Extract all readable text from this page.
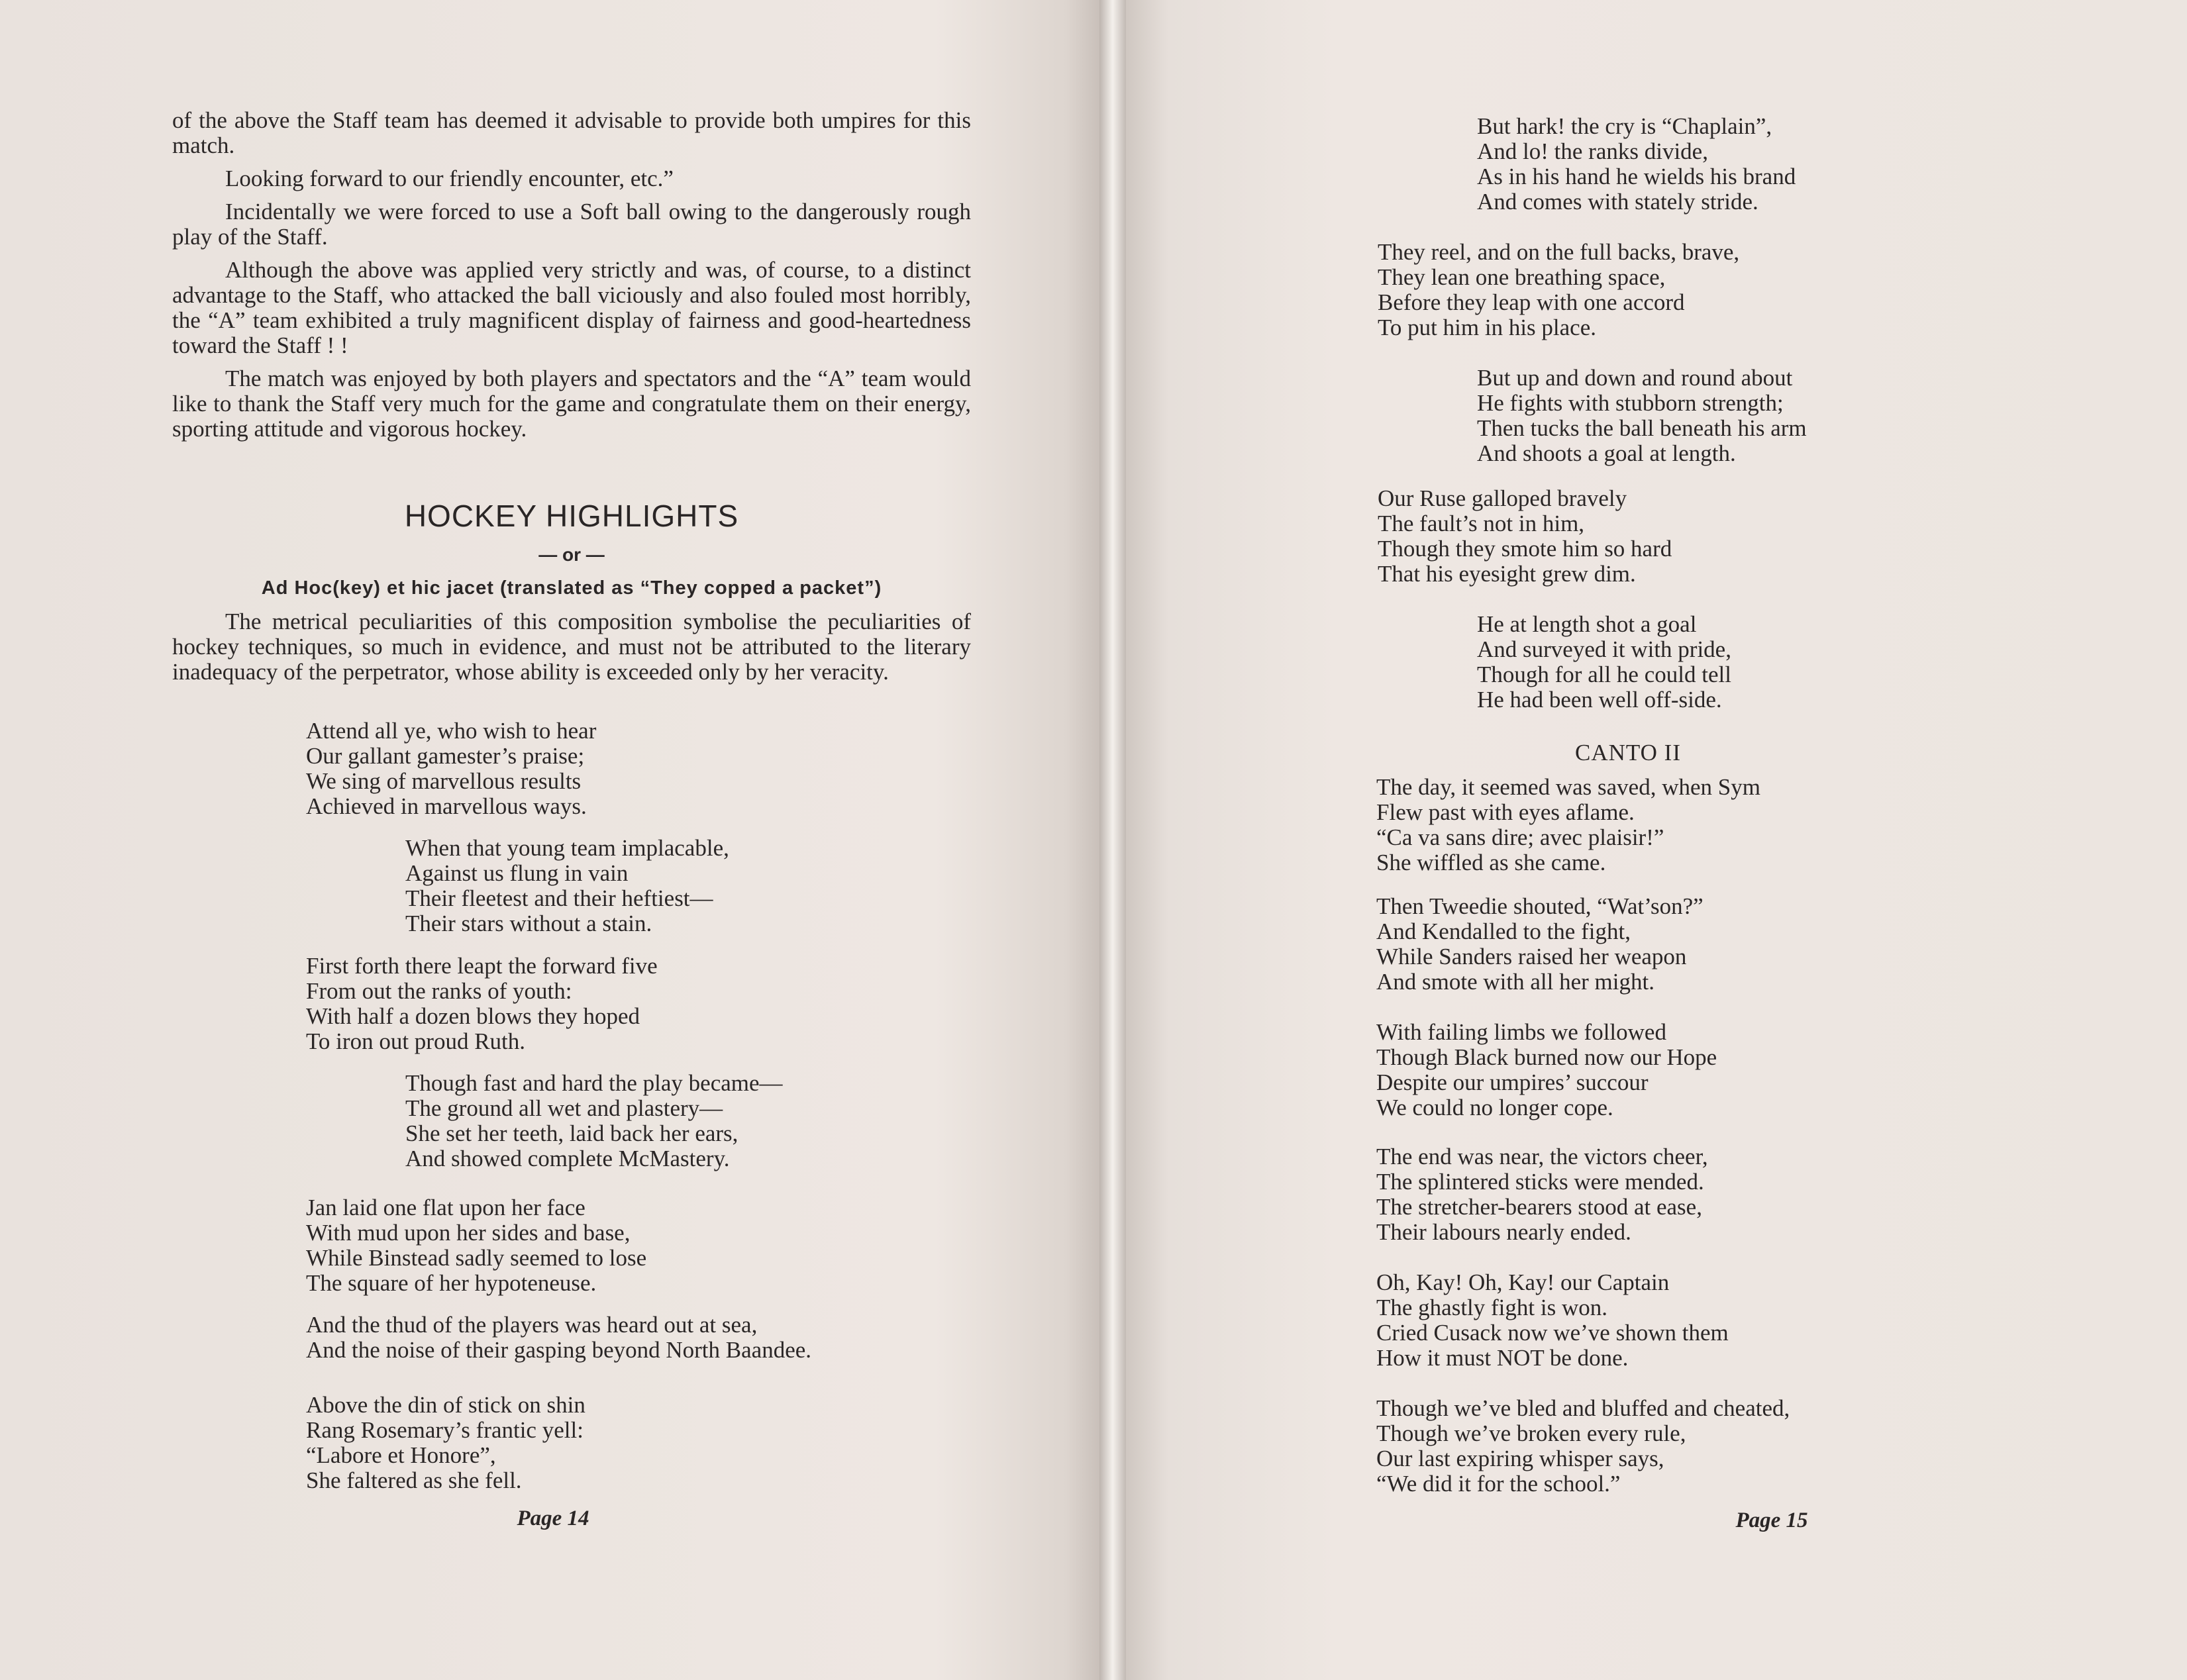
of the above the Staff team has deemed it advisable to provide both umpires for this match.

Looking forward to our friendly encounter, etc.”

Incidentally we were forced to use a Soft ball owing to the dangerously rough play of the Staff.

Although the above was applied very strictly and was, of course, to a distinct advantage to the Staff, who attacked the ball viciously and also fouled most horribly, the “A” team exhibited a truly magnificent display of fairness and good-heartedness toward the Staff ! !

The match was enjoyed by both players and spectators and the “A” team would like to thank the Staff very much for the game and congratulate them on their energy, sporting attitude and vigorous hockey.

HOCKEY HIGHLIGHTS
— or —
Ad Hoc(key) et hic jacet (translated as “They copped a packet”)

The metrical peculiarities of this composition symbolise the peculiarities of hockey techniques, so much in evidence, and must not be attributed to the literary inadequacy of the perpetrator, whose ability is exceeded only by her veracity.

Attend all ye, who wish to hear
Our gallant gamester’s praise;
We sing of marvellous results
Achieved in marvellous ways.
When that young team implacable,
Against us flung in vain
Their fleetest and their heftiest—
Their stars without a stain.
First forth there leapt the forward five
From out the ranks of youth:
With half a dozen blows they hoped
To iron out proud Ruth.
Though fast and hard the play became—
The ground all wet and plastery—
She set her teeth, laid back her ears,
And showed complete McMastery.
Jan laid one flat upon her face
With mud upon her sides and base,
While Binstead sadly seemed to lose
The square of her hypoteneuse.
And the thud of the players was heard out at sea,
And the noise of their gasping beyond North Baandee.
Above the din of stick on shin
Rang Rosemary’s frantic yell:
“Labore et Honore”,
She faltered as she fell.
Page 14
But hark! the cry is “Chaplain”,
And lo! the ranks divide,
As in his hand he wields his brand
And comes with stately stride.
They reel, and on the full backs, brave,
They lean one breathing space,
Before they leap with one accord
To put him in his place.
But up and down and round about
He fights with stubborn strength;
Then tucks the ball beneath his arm
And shoots a goal at length.
Our Ruse galloped bravely
The fault’s not in him,
Though they smote him so hard
That his eyesight grew dim.
He at length shot a goal
And surveyed it with pride,
Though for all he could tell
He had been well off-side.
CANTO II
The day, it seemed was saved, when Sym
Flew past with eyes aflame.
“Ca va sans dire; avec plaisir!”
She wiffled as she came.
Then Tweedie shouted, “Wat’son?”
And Kendalled to the fight,
While Sanders raised her weapon
And smote with all her might.
With failing limbs we followed
Though Black burned now our Hope
Despite our umpires’ succour
We could no longer cope.
The end was near, the victors cheer,
The splintered sticks were mended.
The stretcher-bearers stood at ease,
Their labours nearly ended.
Oh, Kay! Oh, Kay! our Captain
The ghastly fight is won.
Cried Cusack now we’ve shown them
How it must NOT be done.
Though we’ve bled and bluffed and cheated,
Though we’ve broken every rule,
Our last expiring whisper says,
“We did it for the school.”
Page 15
